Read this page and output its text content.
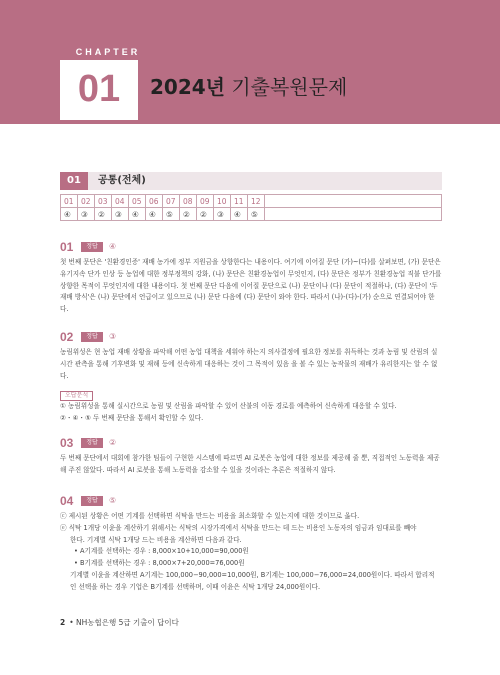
CHAPTER
01	2024년 기출복원문제
01	공통(전체)
01	02	03	04	05	06	07	08	09	10	11	12	
④	③	②	③	④	④	⑤	②	②	③	④	⑤	
01	정답	④
첫 번째 문단은 '친환경인증' 재배 농가에 정부 지원금을 상향한다는 내용이다. 여기에 이어질 문단 (가)~(다)를 살펴보면, (가) 문단은 유기지속 단가 인상 등 농업에 대한 정부정책의 강화, (나) 문단은 친환경농업이 무엇인지, (다) 문단은 정부가 친환경농업 직불 단가를 상향한 목적이 무엇인지에 대한 내용이다. 첫 번째 문단 다음에 이어질 문단으로 (나) 문단이나 (다) 문단이 적절하나, (다) 문단이 '두 재배 방식'은 (나) 문단에서 언급이고 있으므로 (나) 문단 다음에 (다) 문단이 와야 한다. 따라서 (나)-(다)-(가) 순으로 연결되어야 한다.
02	정답	③
농림위성은 현 농업 재배 상황을 파악해 어떤 농업 대책을 세워야 하는지 의사결정에 필요한 정보를 취득하는 것과 농림 및 산림의 실시간 관측을 통해 기후변화 및 재해 등에 신속하게 대응하는 것이 그 목적이 있음 을 볼 수 있는 농작물의 재배가 유리한지는 알 수 없다.
오답분석
① 농림위성을 통해 실시간으로 농림 및 산림을 파악할 수 있어 산불의 이동 경로를 예측하여 신속하게 대응할 수 있다.
②・④・⑤ 두 번째 문단을 통해서 확인할 수 있다.
03	정답	②
두 번째 문단에서 대회에 참가한 팀들이 구현한 시스템에 따르면 AI 로봇은 농업에 대한 정보를 제공해 줄 뿐, 직접적인 노동력을 제공해 주진 않았다. 따라서 AI 로봇을 통해 노동력을 감소할 수 있을 것이라는 추론은 적절하지 않다.
04	정답	⑤
ⓒ 제시된 상황은 어떤 기계를 선택하면 식탁을 만드는 비용을 최소화할 수 있는지에 대한 것이므로 옳다.
ⓔ 식탁 1개당 이윤을 계산하기 위해서는 식탁의 시장가격에서 식탁을 만드는 데 드는 비용인 노동자의 임금과 임대료를 빼야
한다. 기계별 식탁 1개당 드는 비용을 계산하면 다음과 같다.
• A기계를 선택하는 경우 : 8,000×10+10,000=90,000원
• B기계를 선택하는 경우 : 8,000×7+20,000=76,000원
기계별 이윤을 계산하면 A기계는 100,000−90,000=10,000원, B기계는 100,000−76,000=24,000원이다. 따라서 합리적
인 선택을 하는 경우 기업은 B기계를 선택하며, 이때 이윤은 식탁 1개당 24,000원이다.
2 • NH농협은행 5급 기출이 답이다
